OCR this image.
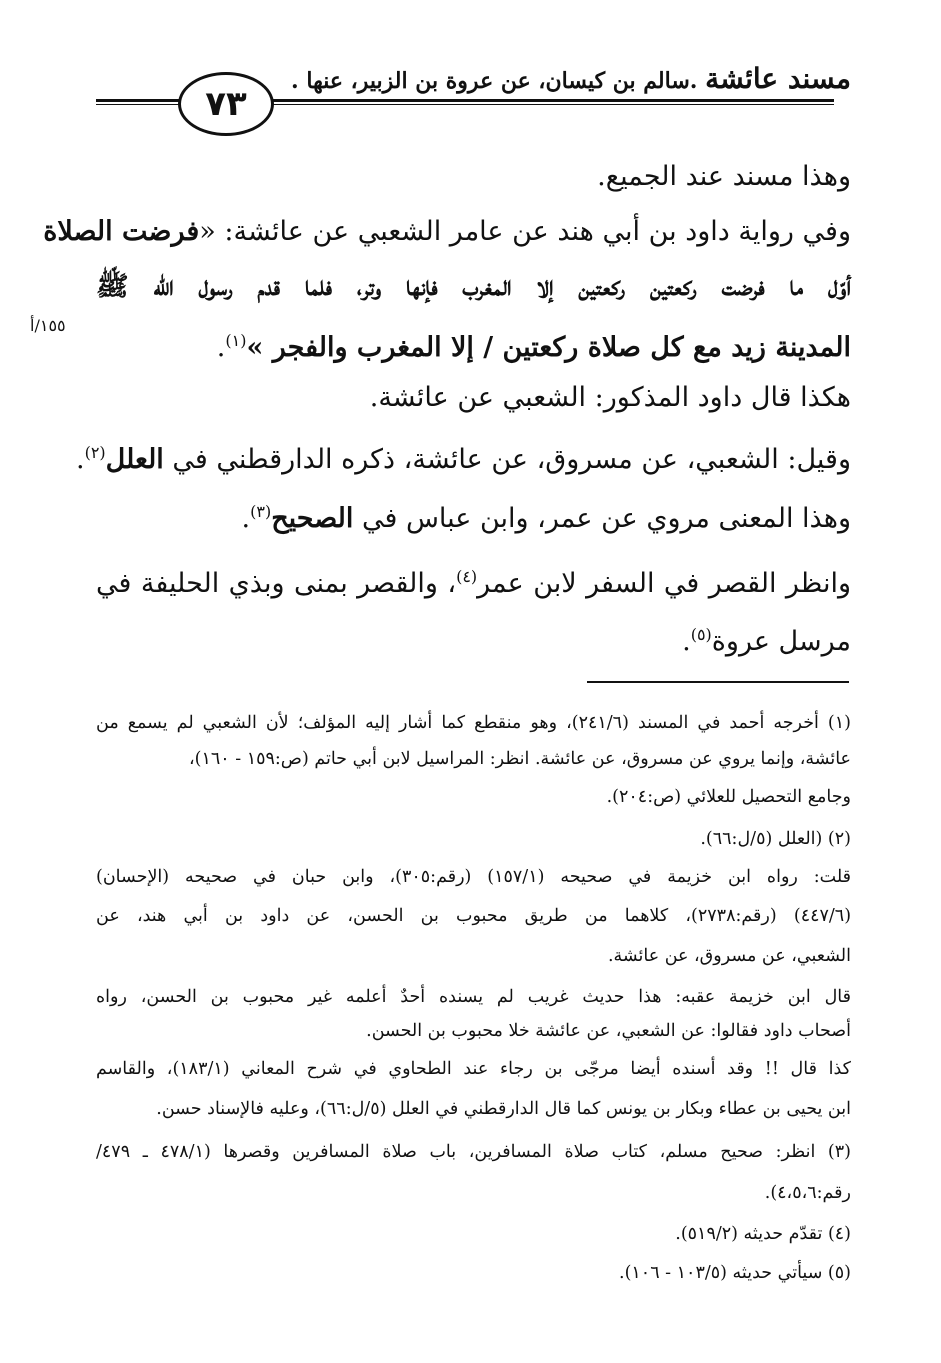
مسند عائشة .سالم بن كيسان، عن عروة بن الزبير، عنها .
٧٣
وهذا مسند عند الجميع.
وفي رواية داود بن أبي هند عن عامر الشعبي عن عائشة: «فرضت الصلاة
أوّل ما فرضت ركعتين ركعتين إلا المغرب فإنها وتر، فلما قدم رسول الله ﷺ
المدينة زيد مع كل صلاة ركعتين / إلا المغرب والفجر »$^{(١)}$.
١٥٥/أ
هكذا قال داود المذكور: الشعبي عن عائشة.
وقيل: الشعبي، عن مسروق، عن عائشة، ذكره الدارقطني في العلل$^{(٢)}$.
وهذا المعنى مروي عن عمر، وابن عباس في الصحيح$^{(٣)}$.
وانظر القصر في السفر لابن عمر$^{(٤)}$، والقصر بمنى وبذي الحليفة في
مرسل عروة$^{(٥)}$.
(١) أخرجه أحمد في المسند (٢٤١/٦)، وهو منقطع كما أشار إليه المؤلف؛ لأن الشعبي لم يسمع من
عائشة، وإنما يروي عن مسروق، عن عائشة. انظر: المراسيل لابن أبي حاتم (ص:١٥٩ - ١٦٠)،
وجامع التحصيل للعلائي (ص:٢٠٤).
(٢) (العلل (٥/ل:٦٦).
قلت: رواه ابن خزيمة في صحيحه (١٥٧/١) (رقم:٣٠٥)، وابن حبان في صحيحه (الإحسان)
(٤٤٧/٦) (رقم:٢٧٣٨)، كلاهما من طريق محبوب بن الحسن، عن داود بن أبي هند، عن
الشعبي، عن مسروق، عن عائشة.
قال ابن خزيمة عقبه: هذا حديث غريب لم يسنده أحدٌ أعلمه غير محبوب بن الحسن، رواه
أصحاب داود فقالوا: عن الشعبي، عن عائشة خلا محبوب بن الحسن.
كذا قال !! وقد أسنده أيضا مرجّى بن رجاء عند الطحاوي في شرح المعاني (١٨٣/١)، والقاسم
ابن يحيى بن عطاء وبكار بن يونس كما قال الدارقطني في العلل (٥/ل:٦٦)، وعليه فالإسناد حسن.
(٣) انظر: صحيح مسلم، كتاب صلاة المسافرين، باب صلاة المسافرين وقصرها (٤٧٨/١ ـ ٤٧٩/
رقم:٤،٥،٦).
(٤) تقدّم حديثه (٥١٩/٢).
(٥) سيأتي حديثه (١٠٣/٥ - ١٠٦).
